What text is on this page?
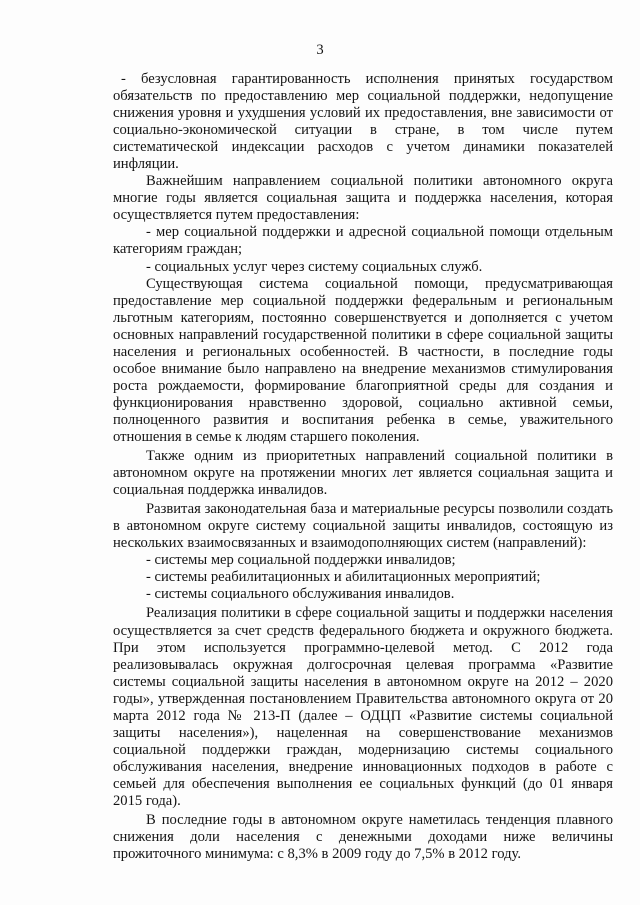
3

- безусловная гарантированность исполнения принятых государством обязательств по предоставлению мер социальной поддержки, недопущение снижения уровня и ухудшения условий их предоставления, вне зависимости от социально-экономической ситуации в стране, в том числе путем систематической индексации расходов с учетом динамики показателей инфляции.

Важнейшим направлением социальной политики автономного округа многие годы является социальная защита и поддержка населения, которая осуществляется путем предоставления:

- мер социальной поддержки и адресной социальной помощи отдельным категориям граждан;

- социальных услуг через систему социальных служб.

Существующая система социальной помощи, предусматривающая предоставление мер социальной поддержки федеральным и региональным льготным категориям, постоянно совершенствуется и дополняется с учетом основных направлений государственной политики в сфере социальной защиты населения и региональных особенностей. В частности, в последние годы особое внимание было направлено на внедрение механизмов стимулирования роста рождаемости, формирование благоприятной среды для создания и функционирования нравственно здоровой, социально активной семьи, полноценного развития и воспитания ребенка в семье, уважительного отношения в семье к людям старшего поколения.

Также одним из приоритетных направлений социальной политики в автономном округе на протяжении многих лет является социальная защита и социальная поддержка инвалидов.

Развитая законодательная база и материальные ресурсы позволили создать в автономном округе систему социальной защиты инвалидов, состоящую из нескольких взаимосвязанных и взаимодополняющих систем (направлений):

- системы мер социальной поддержки инвалидов;

- системы реабилитационных и абилитационных мероприятий;

- системы социального обслуживания инвалидов.

Реализация политики в сфере социальной защиты и поддержки населения осуществляется за счет средств федерального бюджета и окружного бюджета. При этом используется программно-целевой метод. С 2012 года реализовывалась окружная долгосрочная целевая программа «Развитие системы социальной защиты населения в автономном округе на 2012 – 2020 годы», утвержденная постановлением Правительства автономного округа от 20 марта 2012 года № 213-П (далее – ОДЦП «Развитие системы социальной защиты населения»), нацеленная на совершенствование механизмов социальной поддержки граждан, модернизацию системы социального обслуживания населения, внедрение инновационных подходов в работе с семьей для обеспечения выполнения ее социальных функций (до 01 января 2015 года).

В последние годы в автономном округе наметилась тенденция плавного снижения доли населения с денежными доходами ниже величины прожиточного минимума: с 8,3% в 2009 году до 7,5% в 2012 году.
